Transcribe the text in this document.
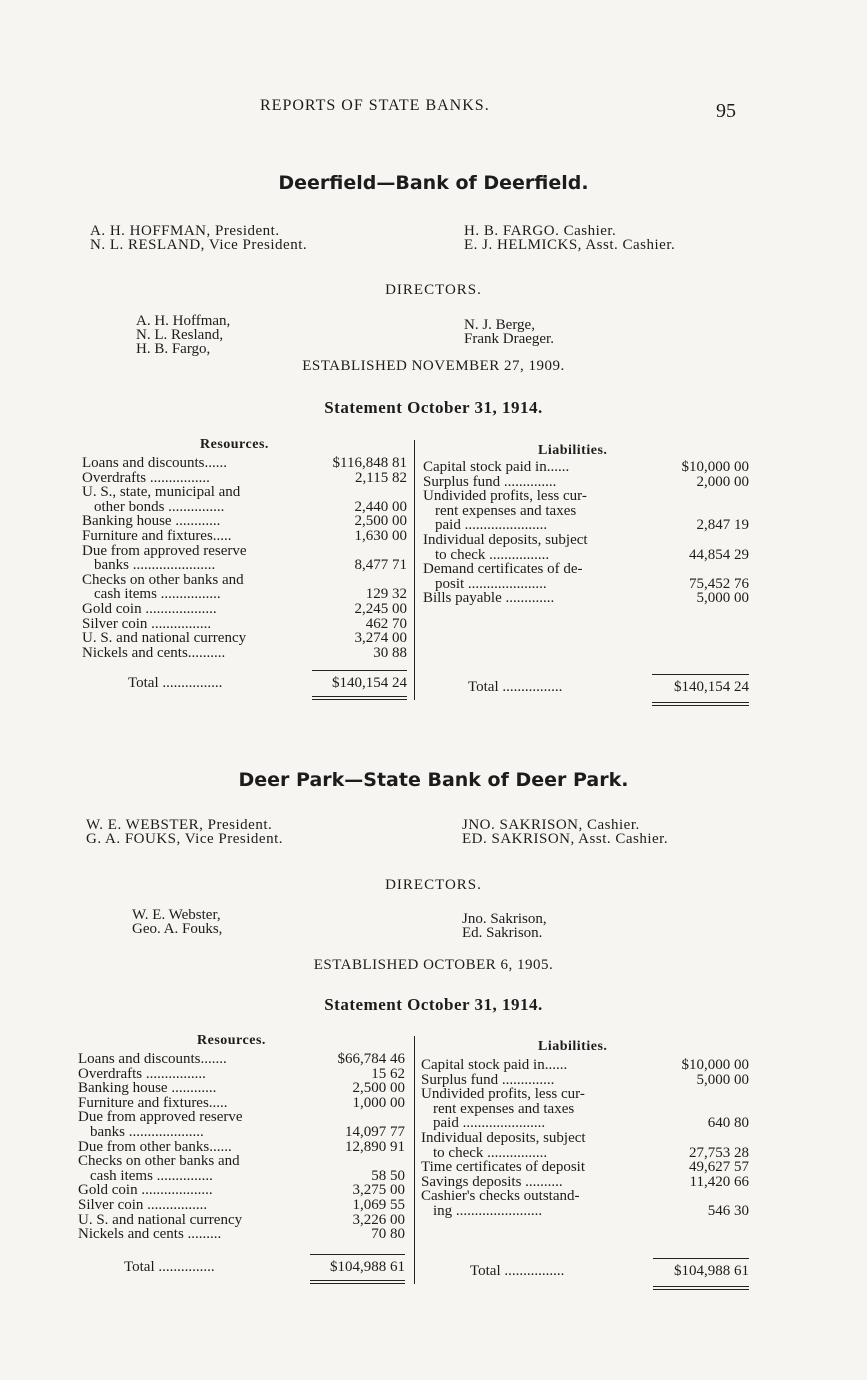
REPORTS OF STATE BANKS.	95
Deerfield—Bank of Deerfield.
A. H. HOFFMAN, President.
N. L. RESLAND, Vice President.
H. B. FARGO. Cashier.
E. J. HELMICKS, Asst. Cashier.
DIRECTORS.
A. H. Hoffman,
N. L. Resland,
H. B. Fargo,
N. J. Berge,
Frank Draeger.
ESTABLISHED NOVEMBER 27, 1909.
Statement October 31, 1914.
Resources.	Liabilities.
Loans and discounts......	$116,848 81
Overdrafts ................	2,115 82
U. S., state, municipal and
other bonds ...............	2,440 00
Banking house ............	2,500 00
Furniture and fixtures.....	1,630 00
Due from approved reserve
banks ......................	8,477 71
Checks on other banks and
cash items ................	129 32
Gold coin ...................	2,245 00
Silver coin ................	462 70
U. S. and national currency	3,274 00
Nickels and cents..........	30 88
Capital stock paid in......	$10,000 00
Surplus fund ..............	2,000 00
Undivided profits, less cur-
rent expenses and taxes
paid ......................	2,847 19
Individual deposits, subject
to check ................	44,854 29
Demand certificates of de-
posit .....................	75,452 76
Bills payable .............	5,000 00
Total ................	$140,154 24	Total ................	$140,154 24
Deer Park—State Bank of Deer Park.
W. E. WEBSTER, President.
G. A. FOUKS, Vice President.
JNO. SAKRISON, Cashier.
ED. SAKRISON, Asst. Cashier.
DIRECTORS.
W. E. Webster,
Geo. A. Fouks,
Jno. Sakrison,
Ed. Sakrison.
ESTABLISHED OCTOBER 6, 1905.
Statement October 31, 1914.
Resources.	Liabilities.
Loans and discounts.......	$66,784 46
Overdrafts ................	15 62
Banking house ............	2,500 00
Furniture and fixtures.....	1,000 00
Due from approved reserve
banks ....................	14,097 77
Due from other banks......	12,890 91
Checks on other banks and
cash items ...............	58 50
Gold coin ...................	3,275 00
Silver coin ................	1,069 55
U. S. and national currency	3,226 00
Nickels and cents .........	70 80
Capital stock paid in......	$10,000 00
Surplus fund ..............	5,000 00
Undivided profits, less cur-
rent expenses and taxes
paid ......................	640 80
Individual deposits, subject
to check ................	27,753 28
Time certificates of deposit	49,627 57
Savings deposits ..........	11,420 66
Cashier's checks outstand-
ing .......................	546 30
Total ...............	$104,988 61	Total ................	$104,988 61
